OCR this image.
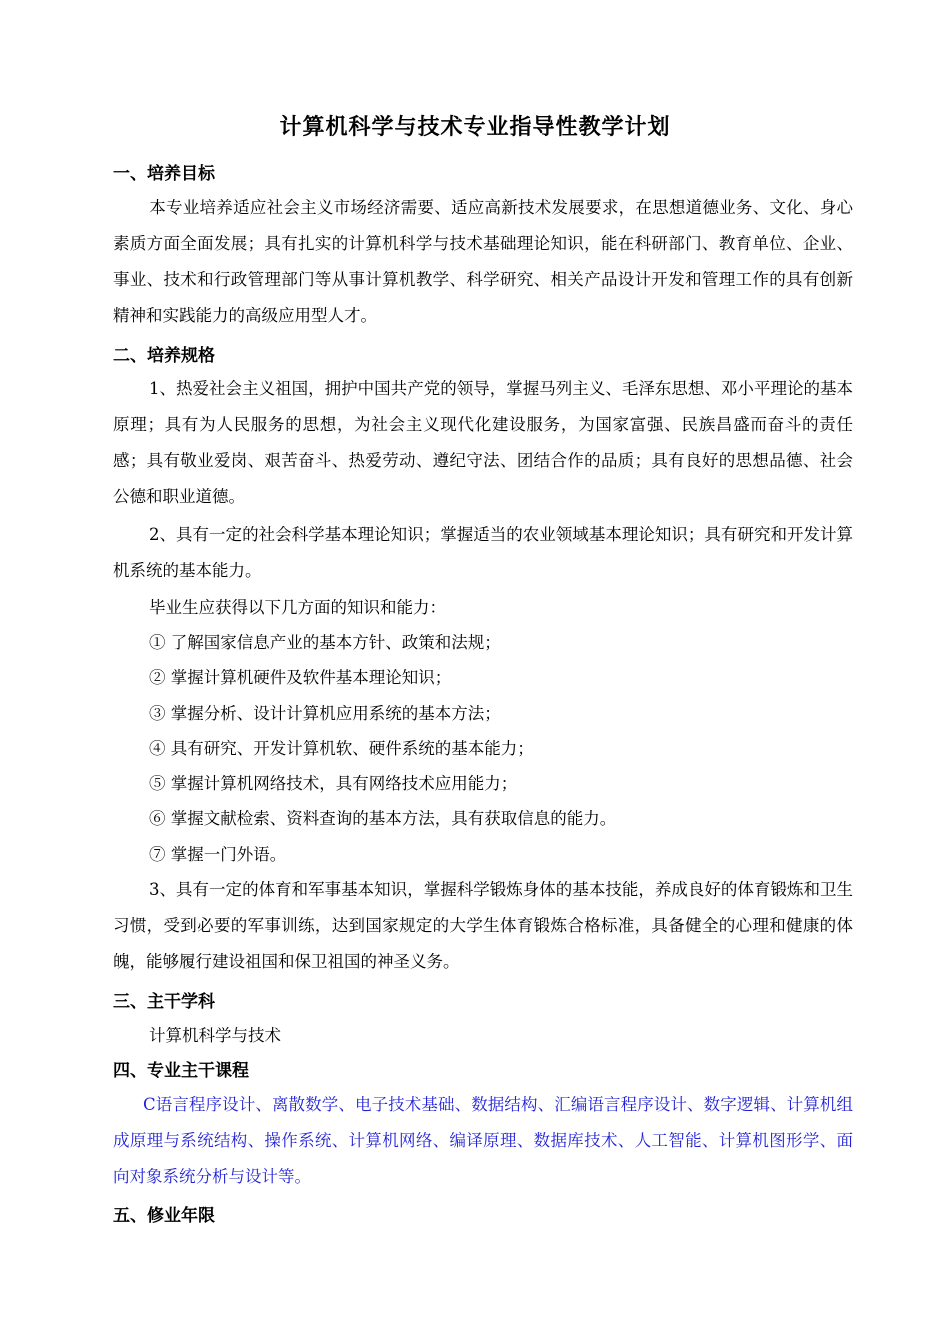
计算机科学与技术专业指导性教学计划
一、培养目标
本专业培养适应社会主义市场经济需要、适应高新技术发展要求，在思想道德业务、文化、身心素质方面全面发展；具有扎实的计算机科学与技术基础理论知识，能在科研部门、教育单位、企业、事业、技术和行政管理部门等从事计算机教学、科学研究、相关产品设计开发和管理工作的具有创新精神和实践能力的高级应用型人才。
二、培养规格
1、热爱社会主义祖国，拥护中国共产党的领导，掌握马列主义、毛泽东思想、邓小平理论的基本原理；具有为人民服务的思想，为社会主义现代化建设服务，为国家富强、民族昌盛而奋斗的责任感；具有敬业爱岗、艰苦奋斗、热爱劳动、遵纪守法、团结合作的品质；具有良好的思想品德、社会公德和职业道德。
2、具有一定的社会科学基本理论知识；掌握适当的农业领域基本理论知识；具有研究和开发计算机系统的基本能力。
毕业生应获得以下几方面的知识和能力：
① 了解国家信息产业的基本方针、政策和法规；
② 掌握计算机硬件及软件基本理论知识；
③ 掌握分析、设计计算机应用系统的基本方法；
④ 具有研究、开发计算机软、硬件系统的基本能力；
⑤ 掌握计算机网络技术，具有网络技术应用能力；
⑥ 掌握文献检索、资料查询的基本方法，具有获取信息的能力。
⑦ 掌握一门外语。
3、具有一定的体育和军事基本知识，掌握科学锻炼身体的基本技能，养成良好的体育锻炼和卫生习惯，受到必要的军事训练，达到国家规定的大学生体育锻炼合格标准，具备健全的心理和健康的体魄，能够履行建设祖国和保卫祖国的神圣义务。
三、主干学科
计算机科学与技术
四、专业主干课程
C语言程序设计、离散数学、电子技术基础、数据结构、汇编语言程序设计、数字逻辑、计算机组成原理与系统结构、操作系统、计算机网络、编译原理、数据库技术、人工智能、计算机图形学、面向对象系统分析与设计等。
五、修业年限
